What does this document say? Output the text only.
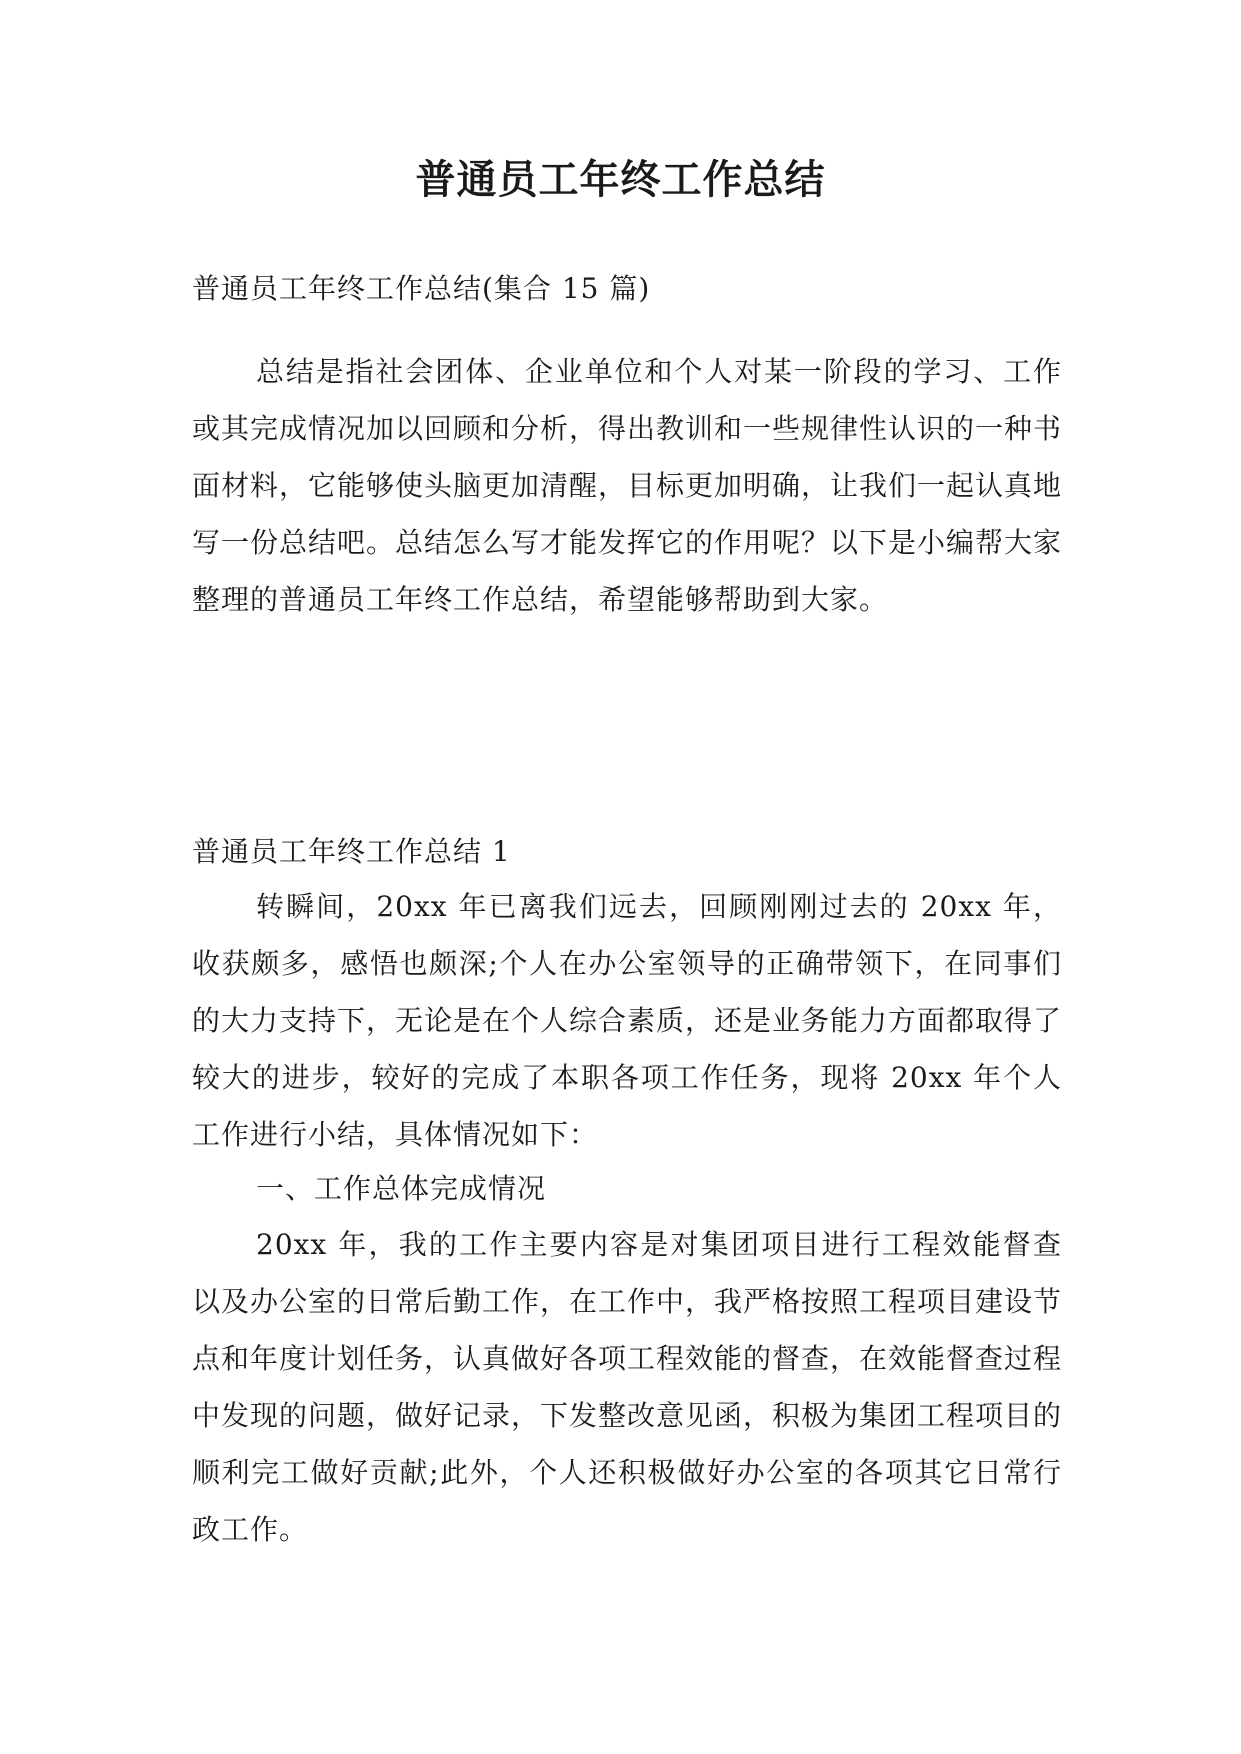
普通员工年终工作总结

普通员工年终工作总结(集合 15 篇)

总结是指社会团体、企业单位和个人对某一阶段的学习、工作或其完成情况加以回顾和分析，得出教训和一些规律性认识的一种书面材料，它能够使头脑更加清醒，目标更加明确，让我们一起认真地写一份总结吧。总结怎么写才能发挥它的作用呢？以下是小编帮大家整理的普通员工年终工作总结，希望能够帮助到大家。

普通员工年终工作总结 1

转瞬间，20xx 年已离我们远去，回顾刚刚过去的 20xx 年，收获颇多，感悟也颇深;个人在办公室领导的正确带领下，在同事们的大力支持下，无论是在个人综合素质，还是业务能力方面都取得了较大的进步，较好的完成了本职各项工作任务，现将 20xx 年个人工作进行小结，具体情况如下：

一、工作总体完成情况

20xx 年，我的工作主要内容是对集团项目进行工程效能督查以及办公室的日常后勤工作，在工作中，我严格按照工程项目建设节点和年度计划任务，认真做好各项工程效能的督查，在效能督查过程中发现的问题，做好记录，下发整改意见函，积极为集团工程项目的顺利完工做好贡献;此外，个人还积极做好办公室的各项其它日常行政工作。
